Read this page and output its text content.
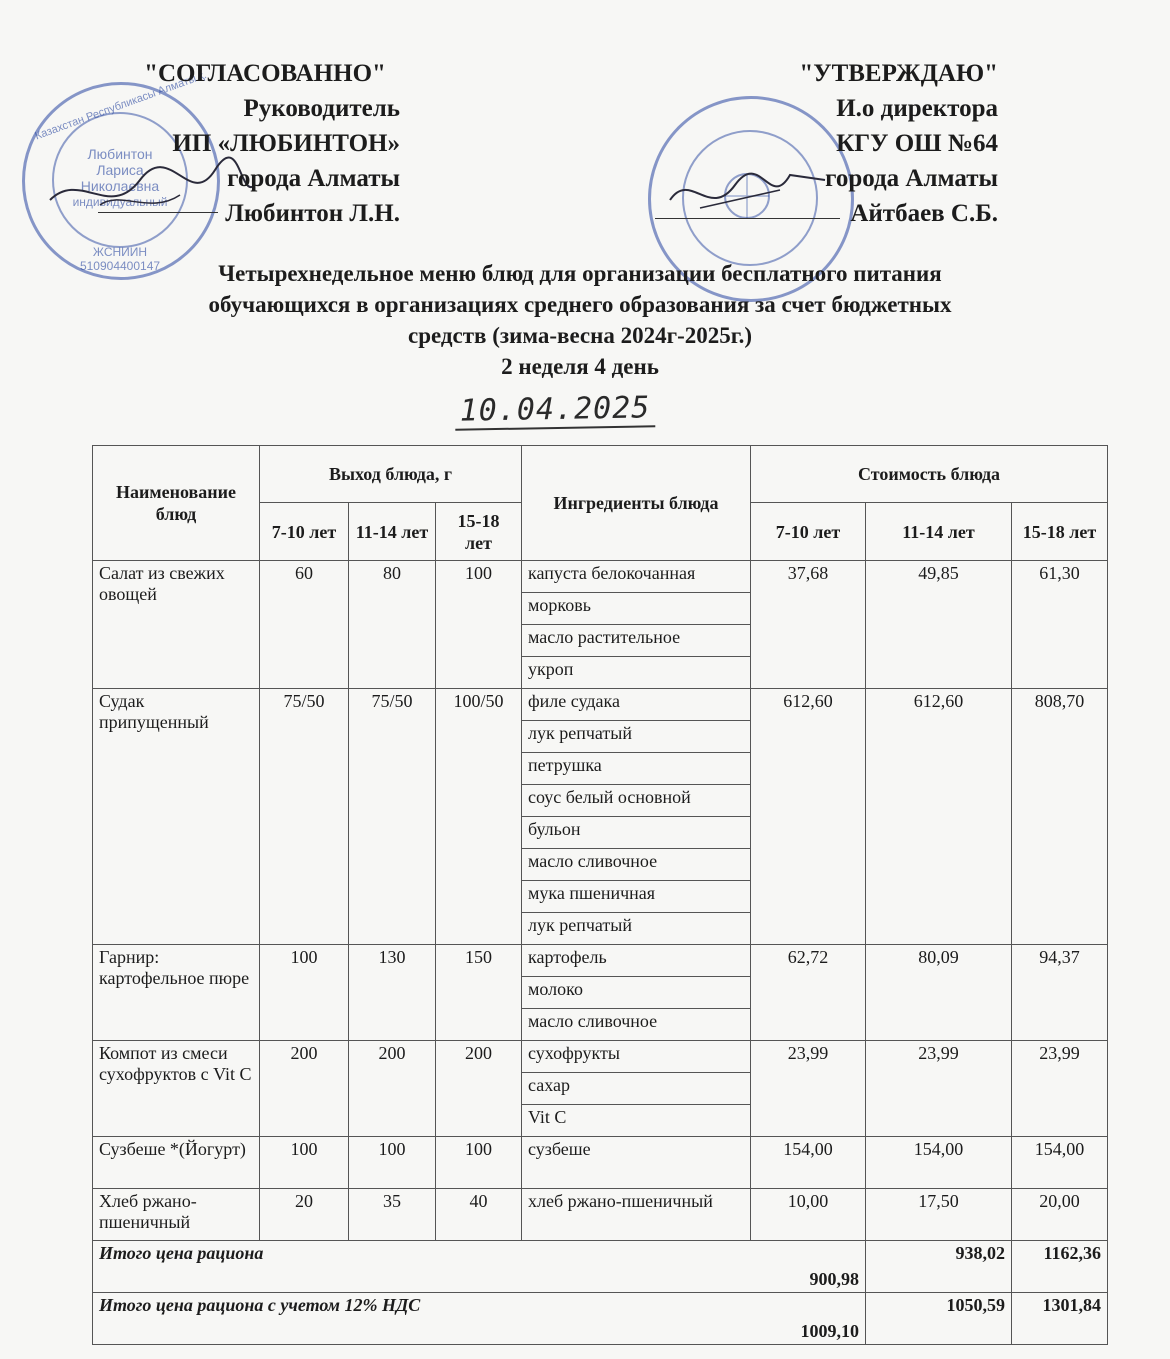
Казахстан Республикасы Алматы қ.
Любинтон
Лариса
Николаевна
индивидуальный
ЖСНИИН
510904400147
"СОГЛАСОВАННО"
Руководитель
ИП «ЛЮБИНТОН»
города Алматы
Любинтон Л.Н.
"УТВЕРЖДАЮ"
И.о директора
КГУ ОШ №64
города Алматы
Айтбаев С.Б.
Четырехнедельное меню блюд для организации бесплатного питания
обучающихся в организациях среднего образования за счет бюджетных
средств (зима-весна 2024г-2025г.)
2 неделя 4 день
10.04.2025
Наименование блюд	Выход блюда, г			Ингредиенты блюда	Стоимость блюда		
	7-10 лет	11-14 лет	15-18 лет		7-10 лет	11-14 лет	15-18 лет
Салат из свежих овощей	60	80	100	капуста белокочанная	37,68	49,85	61,30
				морковь			
				масло растительное			
				укроп			
Судак припущенный	75/50	75/50	100/50	филе судака	612,60	612,60	808,70
				лук репчатый			
				петрушка			
				соус белый основной			
				бульон			
				масло сливочное			
				мука пшеничная			
				лук репчатый			
Гарнир: картофельное пюре	100	130	150	картофель	62,72	80,09	94,37
				молоко			
				масло сливочное			
Компот из смеси сухофруктов с Vit C	200	200	200	сухофрукты	23,99	23,99	23,99
				сахар			
				Vit C			
Сузбеше *(Йогурт)	100	100	100	сузбеше	154,00	154,00	154,00
Хлеб ржано-пшеничный	20	35	40	хлеб ржано-пшеничный	10,00	17,50	20,00
Итого цена рациона
900,98						938,02	1162,36
Итого цена рациона с учетом 12% НДС
1009,10						1050,59	1301,84
